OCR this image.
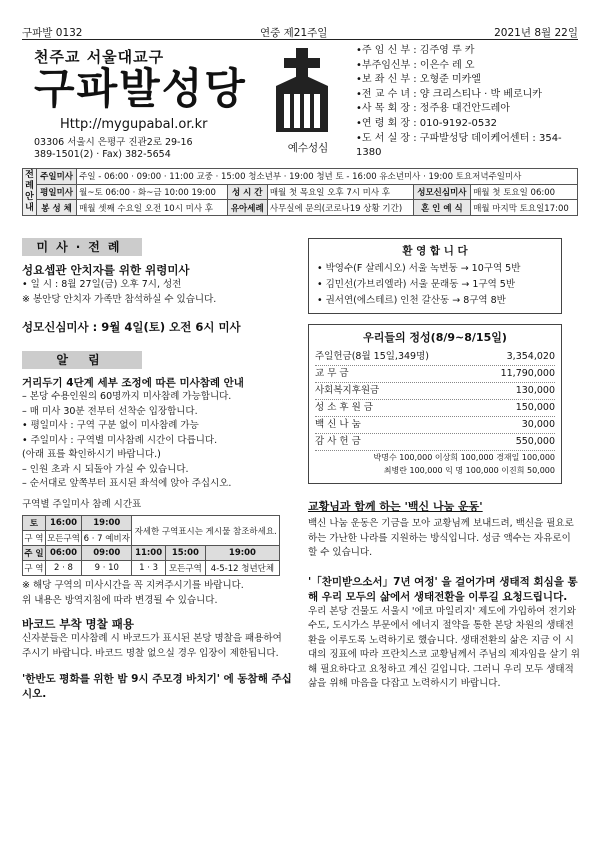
구파발 0132	연중 제21주일	2021년 8월 22일
천주교 서울대교구
구파발성당
Http://mygupabal.or.kr
03306 서울시 은평구 진관2로 29-16
389-1501(2) · Fax) 382-5654
예수성심
• 주 임 신 부 : 김주영 루 카
• 부주임신부 : 이은수 레 오
• 보 좌 신 부 : 오형준 미카엘
• 전 교 수 녀 : 양 크리스티나 · 박 베로니카
• 사 목 회 장 : 정주용 대건안드레아
• 연 령 회 장 : 010-9192-0532
• 도 서 실 장 : 구파발성당 데이케어센터 : 354-1380
전례안내	주일미사	주일 - 06:00 · 09:00 · 11:00 교중 · 15:00 청소년부 · 19:00 청년 토 - 16:00 유소년미사 · 19:00 토요저녁주일미사				
	평일미사	월~토 06:00 · 화~금 10:00 19:00	성 시 간	매월 첫 목요일 오후 7시 미사 후	성모신심미사	매월 첫 토요일 06:00
	봉 성 체	매월 셋째 수요일 오전 10시 미사 후	유아세례	사무실에 문의(코로나19 상황 기간)	혼 인 예 식	매월 마지막 토요일17:00
미사·전례
성요셉관 안치자를 위한 위령미사
• 일 시 : 8월 27일(금) 오후 7시, 성전
※ 봉안당 안치자 가족만 참석하실 수 있습니다.
성모신심미사 : 9월 4일(토) 오전 6시 미사
알 림
거리두기 4단계 세부 조정에 따른 미사참례 안내
– 본당 수용인원의 60명까지 미사참례 가능합니다.
– 매 미사 30분 전부터 선착순 입장합니다.
• 평일미사 : 구역 구분 없이 미사참례 가능
• 주일미사 : 구역별 미사참례 시간이 다릅니다.
(아래 표를 확인하시기 바랍니다.)
– 인원 초과 시 되돌아 가실 수 있습니다.
– 순서대로 앞쪽부터 표시된 좌석에 앉아 주십시오.
구역별 주일미사 참례 시간표
토	16:00	19:00	자세한 구역표시는 게시물 참조하세요.		
구 역	모든구역	6 · 7 예비자			
주 일	06:00	09:00	11:00	15:00	19:00
구 역	2 · 8	9 · 10	1 · 3	모든구역	4-5-12 청년단체
※ 해당 구역의 미사시간을 꼭 지켜주시기를 바랍니다.
위 내용은 방역지침에 따라 변경될 수 있습니다.
바코드 부착 명찰 패용
신자분들은 미사참례 시 바코드가 표시된 본당 명찰을 패용하여 주시기 바랍니다. 바코드 명찰 없으실 경우 입장이 제한됩니다.
'한반도 평화를 위한 밤 9시 주모경 바치기' 에 동참해 주십시오.
환 영 합 니 다
• 박영수(F 살레시오) 서울 녹번동 → 10구역 5반
• 김민선(가브리엘라) 서울 문래동 → 1구역 5반
• 권서연(에스테르) 인천 갈산동 → 8구역 8반
우리들의 정성(8/9~8/15일)
주일헌금(8월 15일,349명)	3,354,020
교 무 금	11,790,000
사회복지후원금	130,000
성 소 후 원 금	150,000
백 신 나 눔	30,000
감 사 헌 금	550,000
박명수 100,000 이상희 100,000 경재일 100,000
최병란 100,000 익 명 100,000 이진희 50,000
교황님과 함께 하는 '백신 나눔 운동'
백신 나눔 운동은 기금을 모아 교황님께 보내드려, 백신을 필요로 하는 가난한 나라를 지원하는 방식입니다. 성금 액수는 자유로이 할 수 있습니다.
'「찬미받으소서」7년 여정' 을 걸어가며 생태적 회심을 통해 우리 모두의 삶에서 생태전환을 이루길 요청드립니다.
우리 본당 건물도 서울시 '에코 마일리지' 제도에 가입하여 전기와 수도, 도시가스 부문에서 에너지 절약을 통한 본당 차원의 생태전환을 이루도록 노력하기로 했습니다. 생태전환의 삶은 지금 이 시대의 징표에 따라 프란치스코 교황님께서 주님의 제자임을 살기 위해 필요하다고 요청하고 계신 길입니다. 그러니 우리 모두 생태적 삶을 위해 마음을 다잡고 노력하시기 바랍니다.
